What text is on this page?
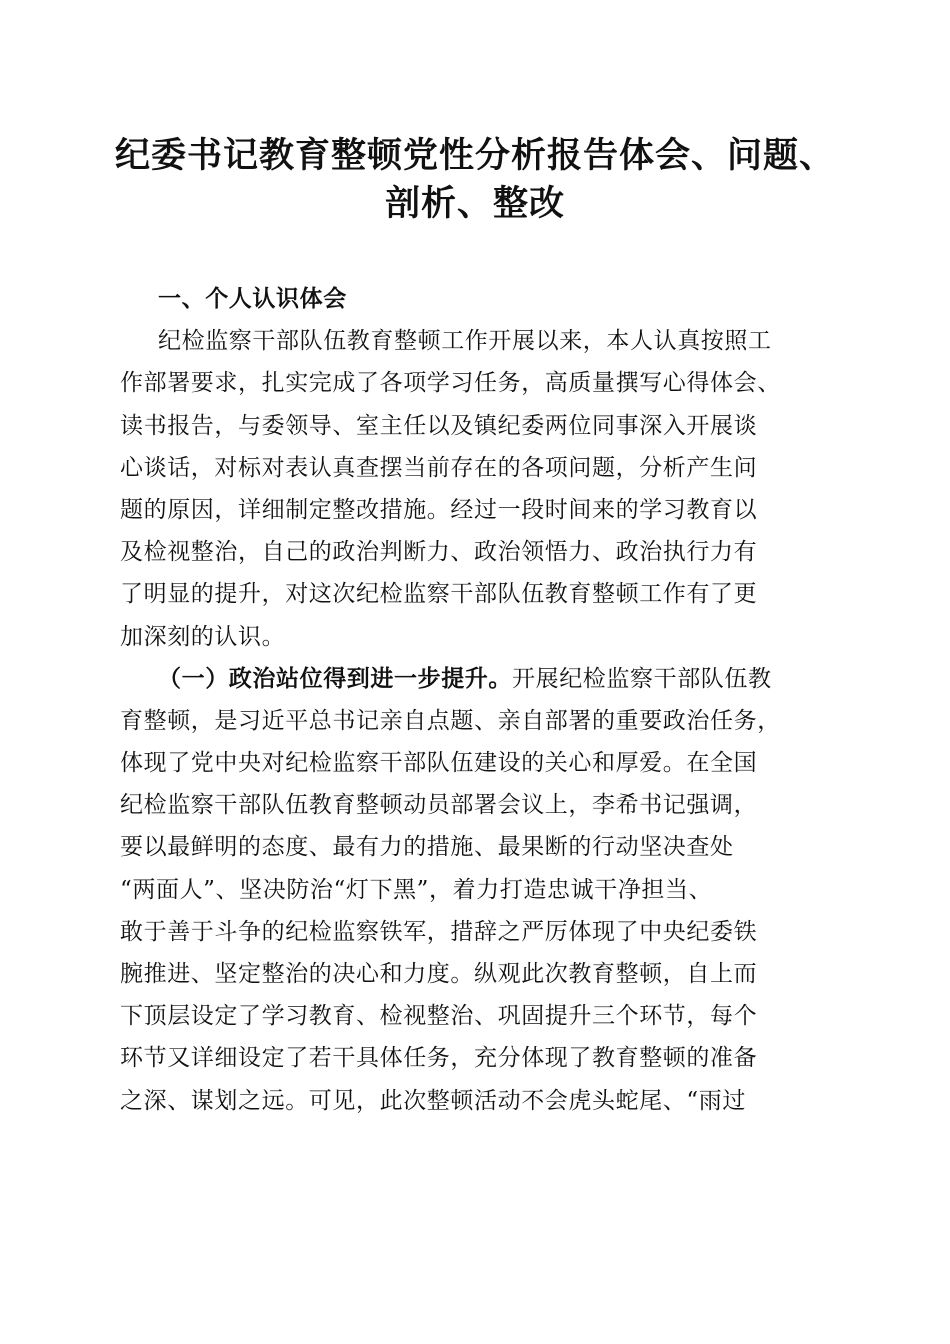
纪委书记教育整顿党性分析报告体会、问题、
剖析、整改
一、个人认识体会
纪检监察干部队伍教育整顿工作开展以来，本人认真按照工
作部署要求，扎实完成了各项学习任务，高质量撰写心得体会、
读书报告，与委领导、室主任以及镇纪委两位同事深入开展谈
心谈话，对标对表认真查摆当前存在的各项问题，分析产生问
题的原因，详细制定整改措施。经过一段时间来的学习教育以
及检视整治，自己的政治判断力、政治领悟力、政治执行力有
了明显的提升，对这次纪检监察干部队伍教育整顿工作有了更
加深刻的认识。
（一）政治站位得到进一步提升。开展纪检监察干部队伍教
育整顿，是习近平总书记亲自点题、亲自部署的重要政治任务，
体现了党中央对纪检监察干部队伍建设的关心和厚爱。在全国
纪检监察干部队伍教育整顿动员部署会议上，李希书记强调，
要以最鲜明的态度、最有力的措施、最果断的行动坚决查处
“两面人”、坚决防治“灯下黑”，着力打造忠诚干净担当、
敢于善于斗争的纪检监察铁军，措辞之严厉体现了中央纪委铁
腕推进、坚定整治的决心和力度。纵观此次教育整顿，自上而
下顶层设定了学习教育、检视整治、巩固提升三个环节，每个
环节又详细设定了若干具体任务，充分体现了教育整顿的准备
之深、谋划之远。可见，此次整顿活动不会虎头蛇尾、“雨过
